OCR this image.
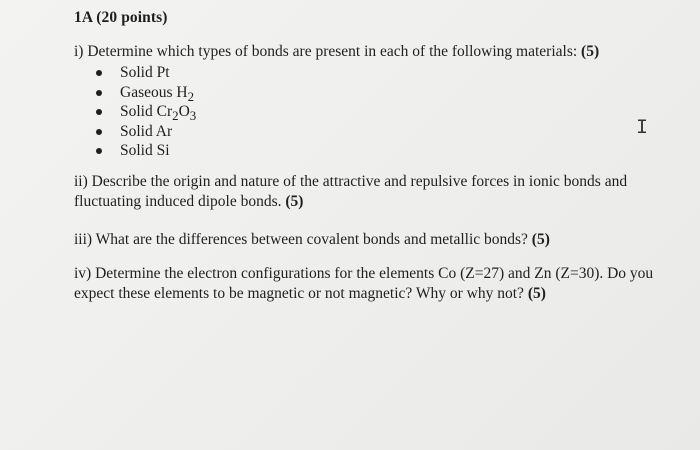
1A (20 points)
i) Determine which types of bonds are present in each of the following materials: (5)
Solid Pt
Gaseous $H_2$
Solid $Cr_2O_3$
Solid Ar
Solid Si
I
ii) Describe the origin and nature of the attractive and repulsive forces in ionic bonds and fluctuating induced dipole bonds. (5)
iii) What are the differences between covalent bonds and metallic bonds? (5)
iv) Determine the electron configurations for the elements Co (Z=27) and Zn (Z=30). Do you expect these elements to be magnetic or not magnetic? Why or why not? (5)
